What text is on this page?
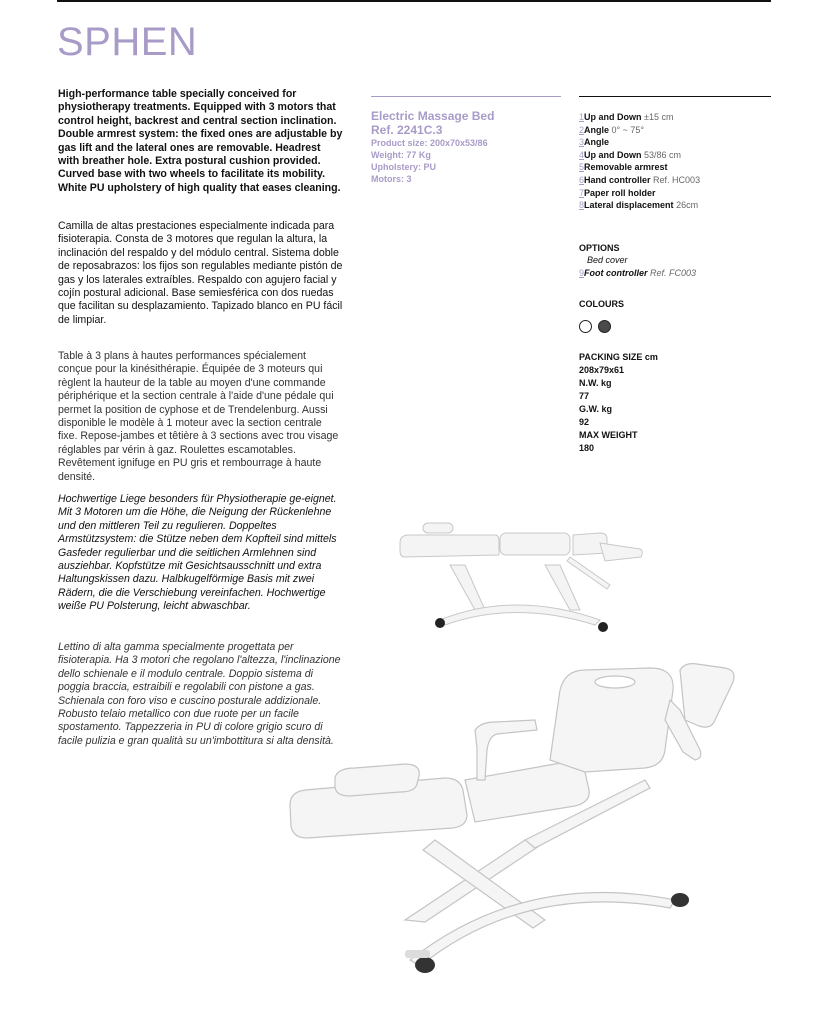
SPHEN

High-performance table specially conceived for physiotherapy treatments. Equipped with 3 motors that control height, backrest and central section inclination. Double armrest system: the fixed ones are adjustable by gas lift and the lateral ones are removable. Headrest with breather hole. Extra postural cushion provided. Curved base with two wheels to facilitate its mobility. White PU upholstery of high quality that eases cleaning.

Camilla de altas prestaciones especialmente indicada para fisioterapia. Consta de 3 motores que regulan la altura, la inclinación del respaldo y del módulo central. Sistema doble de reposabrazos: los fijos son regulables mediante pistón de gas y los laterales extraíbles. Respaldo con agujero facial y cojín postural adicional. Base semiesférica con dos ruedas que facilitan su desplazamiento. Tapizado blanco en PU fácil de limpiar.

Table à 3 plans à hautes performances spécialement conçue pour la kinésithérapie. Équipée de 3 moteurs qui règlent la hauteur de la table au moyen d'une commande périphérique et la section centrale à l'aide d'une pédale qui permet la position de cyphose et de Trendelenburg. Aussi disponible le modèle à 1 moteur avec la section centrale fixe. Repose-jambes et têtière à 3 sections avec trou visage réglables par vérin à gaz. Roulettes escamotables. Revêtement ignifuge en PU gris et rembourrage à haute densité.

Hochwertige Liege besonders für Physiotherapie ge-eignet. Mit 3 Motoren um die Höhe, die Neigung der Rückenlehne und den mittleren Teil zu regulieren. Doppeltes Armstützsystem: die Stütze neben dem Kopfteil sind mittels Gasfeder regulierbar und die seitlichen Armlehnen sind ausziehbar. Kopfstütze mit Gesichtsausschnitt und extra Haltungskissen dazu. Halbkugelförmige Basis mit zwei Rädern, die die Verschiebung vereinfachen. Hochwertige weiße PU Polsterung, leicht abwaschbar.

Lettino di alta gamma specialmente progettata per fisioterapia. Ha 3 motori che regolano l'altezza, l'inclinazione dello schienale e il modulo centrale. Doppio sistema di poggia braccia, estraibili e regolabili con pistone a gas. Schienala con foro viso e cuscino posturale addizionale. Robusto telaio metallico con due ruote per un facile spostamento. Tappezzeria in PU di colore grigio scuro di facile pulizia e gran qualità su un'imbottitura si alta densità.

Electric Massage Bed
Ref. 2241C.3
Product size: 200x70x53/86
Weight: 77 Kg
Upholstery: PU
Motors: 3
1Up and Down ±15 cm
2Angle 0° ~ 75°
3Angle
4Up and Down 53/86 cm
5Removable armrest
6Hand controller Ref. HC003
7Paper roll holder
8Lateral displacement 26cm
OPTIONS
Bed cover
9Foot controller Ref. FC003
COLOURS
PACKING SIZE cm
208x79x61
N.W. kg
77
G.W. kg
92
MAX WEIGHT
180
